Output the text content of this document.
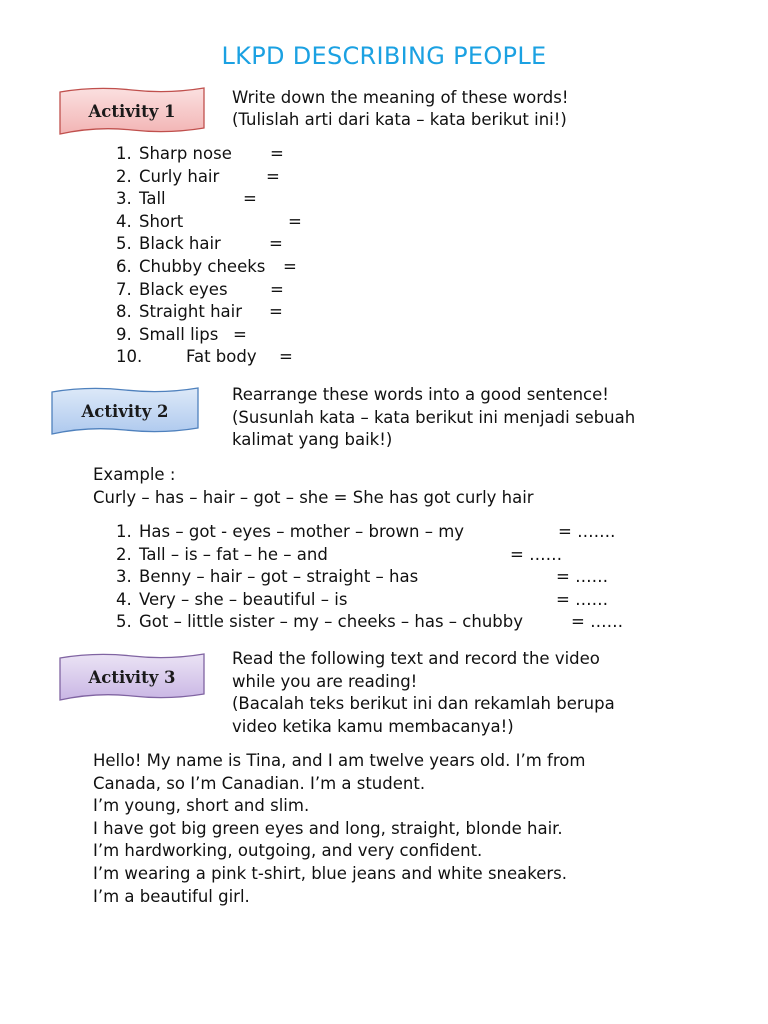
LKPD DESCRIBING PEOPLE
Activity 1
Write down the meaning of these words!
(Tulislah arti dari kata – kata berikut ini!)
1. Sharp nose =
2. Curly hair	=
3. Tall	=
4. Short	=
5. Black hair	=
6. Chubby cheeks =
7. Black eyes	=
8. Straight hair =
9. Small lips =
10.	Fat body =
Activity 2
Rearrange these words into a good sentence!
(Susunlah kata – kata berikut ini menjadi sebuah
kalimat yang baik!)
Example :
Curly – has – hair – got – she = She has got curly hair
1. Has – got - eyes – mother – brown – my	= …….
2. Tall – is – fat – he – and	= ……
3. Benny – hair – got – straight – has	= ……
4. Very – she – beautiful – is	= ……
5. Got – little sister – my – cheeks – has – chubby	= ……
Activity 3
Read the following text and record the video
while you are reading!
(Bacalah teks berikut ini dan rekamlah berupa
video ketika kamu membacanya!)
Hello! My name is Tina, and I am twelve years old. I’m from
Canada, so I’m Canadian. I’m a student.
I’m young, short and slim.
I have got big green eyes and long, straight, blonde hair.
I’m hardworking, outgoing, and very confident.
I’m wearing a pink t-shirt, blue jeans and white sneakers.
I’m a beautiful girl.
